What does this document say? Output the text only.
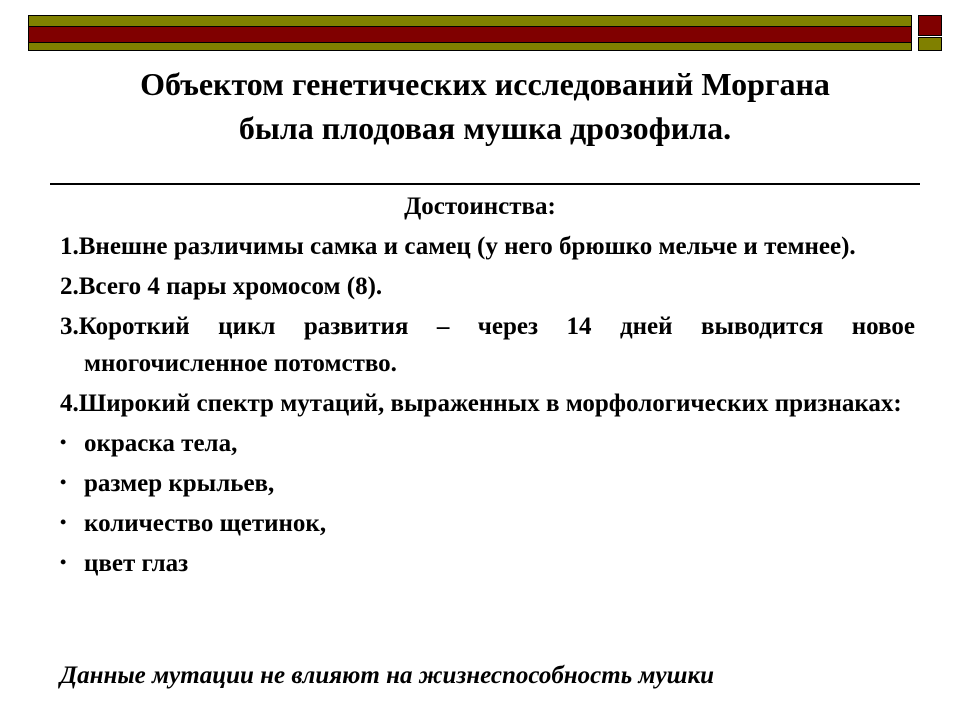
Объектом генетических исследований Моргана
была плодовая мушка дрозофила.
Достоинства:

1.Внешне различимы самка и самец (у него брюшко мельче и темнее).

2.Всего 4 пары хромосом (8).

3.Короткий цикл развития – через 14 дней выводится новое многочисленное потомство.

4.Широкий спектр мутаций, выраженных в морфологических признаках:

• окраска тела,
• размер крыльев,
• количество щетинок,
• цвет глаз
Данные мутации не влияют на жизнеспособность мушки
